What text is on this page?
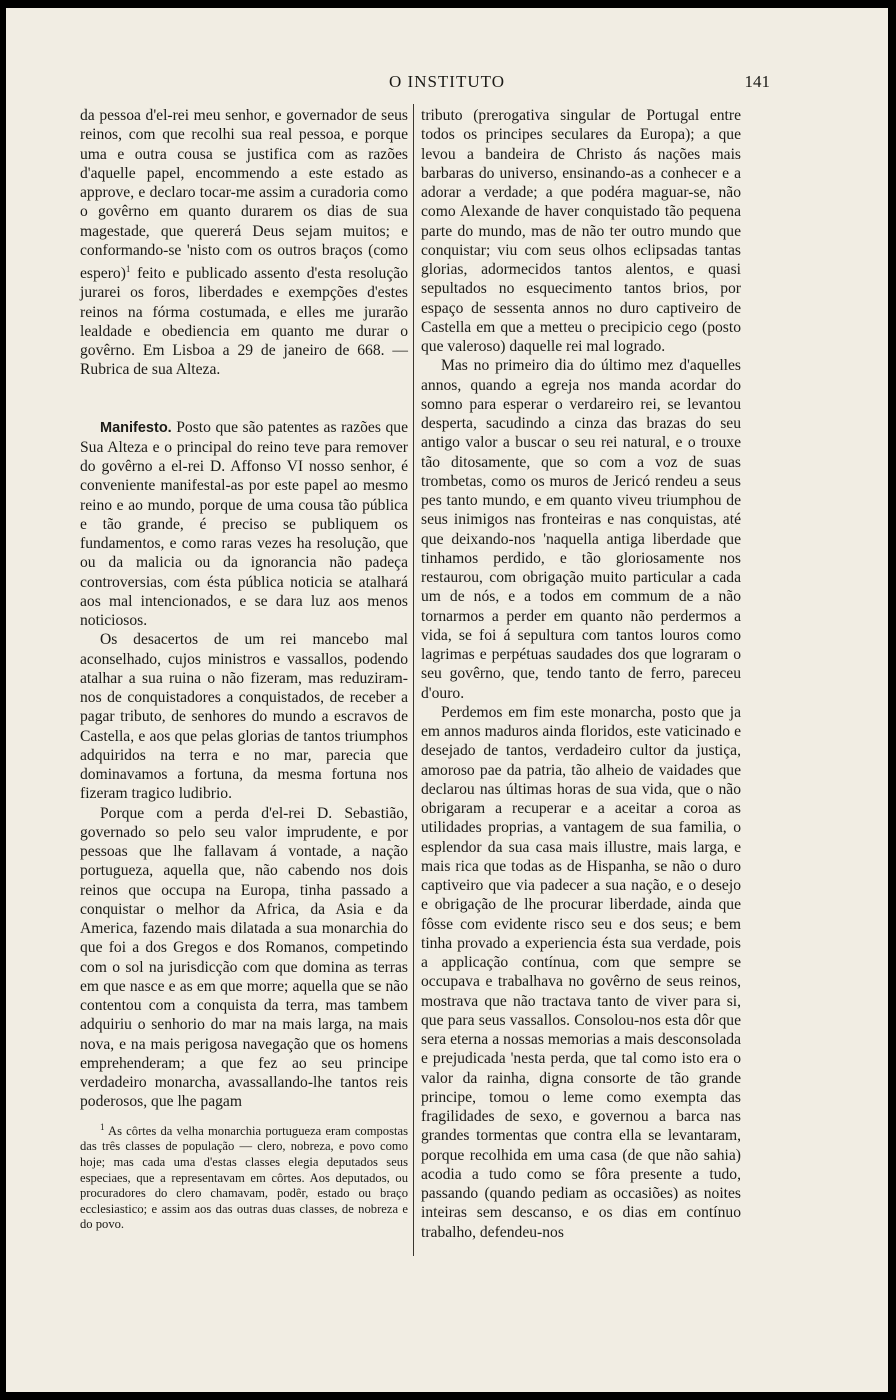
O INSTITUTO	141

da pessoa d'el-rei meu senhor, e governador de seus reinos, com que recolhi sua real pessoa, e porque uma e outra cousa se justifica com as razões d'aquelle papel, encommendo a este estado as approve, e declaro tocar-me assim a curadoria como o govêrno em quanto durarem os dias de sua magestade, que quererá Deus sejam muitos; e conformando-se 'nisto com os outros braços (como espero)$^1$ feito e publicado assento d'esta resolução jurarei os foros, liberdades e exempções d'estes reinos na fórma costumada, e elles me jurarão lealdade e obediencia em quanto me durar o govêrno. Em Lisboa a 29 de janeiro de 668. — Rubrica de sua Alteza.

Manifesto. Posto que são patentes as razões que Sua Alteza e o principal do reino teve para remover do govêrno a el-rei D. Affonso VI nosso senhor, é conveniente manifestal-as por este papel ao mesmo reino e ao mundo, porque de uma cousa tão pública e tão grande, é preciso se publiquem os fundamentos, e como raras vezes ha resolução, que ou da malicia ou da ignorancia não padeça controversias, com ésta pública noticia se atalhará aos mal intencionados, e se dara luz aos menos noticiosos.

Os desacertos de um rei mancebo mal aconselhado, cujos ministros e vassallos, podendo atalhar a sua ruina o não fizeram, mas reduziram-nos de conquistadores a conquistados, de receber a pagar tributo, de senhores do mundo a escravos de Castella, e aos que pelas glorias de tantos triumphos adquiridos na terra e no mar, parecia que dominavamos a fortuna, da mesma fortuna nos fizeram tragico ludibrio.

Porque com a perda d'el-rei D. Sebastião, governado so pelo seu valor imprudente, e por pessoas que lhe fallavam á vontade, a nação portugueza, aquella que, não cabendo nos dois reinos que occupa na Europa, tinha passado a conquistar o melhor da Africa, da Asia e da America, fazendo mais dilatada a sua monarchia do que foi a dos Gregos e dos Romanos, competindo com o sol na jurisdicção com que domina as terras em que nasce e as em que morre; aquella que se não contentou com a conquista da terra, mas tambem adquiriu o senhorio do mar na mais larga, na mais nova, e na mais perigosa navegação que os homens emprehenderam; a que fez ao seu principe verdadeiro monarcha, avassallando-lhe tantos reis poderosos, que lhe pagam

$^1$ As côrtes da velha monarchia portugueza eram compostas das três classes de população — clero, nobreza, e povo como hoje; mas cada uma d'estas classes elegia deputados seus especiaes, que a representavam em côrtes. Aos deputados, ou procuradores do clero chamavam, podêr, estado ou braço ecclesiastico; e assim aos das outras duas classes, de nobreza e do povo.

tributo (prerogativa singular de Portugal entre todos os principes seculares da Europa); a que levou a bandeira de Christo ás nações mais barbaras do universo, ensinando-as a conhecer e a adorar a verdade; a que podéra maguar-se, não como Alexande de haver conquistado tão pequena parte do mundo, mas de não ter outro mundo que conquistar; viu com seus olhos eclipsadas tantas glorias, adormecidos tantos alentos, e quasi sepultados no esquecimento tantos brios, por espaço de sessenta annos no duro captiveiro de Castella em que a metteu o precipicio cego (posto que valeroso) daquelle rei mal logrado.

Mas no primeiro dia do último mez d'aquelles annos, quando a egreja nos manda acordar do somno para esperar o verdareiro rei, se levantou desperta, sacudindo a cinza das brazas do seu antigo valor a buscar o seu rei natural, e o trouxe tão ditosamente, que so com a voz de suas trombetas, como os muros de Jericó rendeu a seus pes tanto mundo, e em quanto viveu triumphou de seus inimigos nas fronteiras e nas conquistas, até que deixando-nos 'naquella antiga liberdade que tinhamos perdido, e tão gloriosamente nos restaurou, com obrigação muito particular a cada um de nós, e a todos em commum de a não tornarmos a perder em quanto não perdermos a vida, se foi á sepultura com tantos louros como lagrimas e perpétuas saudades dos que lograram o seu govêrno, que, tendo tanto de ferro, pareceu d'ouro.

Perdemos em fim este monarcha, posto que ja em annos maduros ainda floridos, este vaticinado e desejado de tantos, verdadeiro cultor da justiça, amoroso pae da patria, tão alheio de vaidades que declarou nas últimas horas de sua vida, que o não obrigaram a recuperar e a aceitar a coroa as utilidades proprias, a vantagem de sua familia, o esplendor da sua casa mais illustre, mais larga, e mais rica que todas as de Hispanha, se não o duro captiveiro que via padecer a sua nação, e o desejo e obrigação de lhe procurar liberdade, ainda que fôsse com evidente risco seu e dos seus; e bem tinha provado a experiencia ésta sua verdade, pois a applicação contínua, com que sempre se occupava e trabalhava no govêrno de seus reinos, mostrava que não tractava tanto de viver para si, que para seus vassallos. Consolou-nos esta dôr que sera eterna a nossas memorias a mais desconsolada e prejudicada 'nesta perda, que tal como isto era o valor da rainha, digna consorte de tão grande principe, tomou o leme como exempta das fragilidades de sexo, e governou a barca nas grandes tormentas que contra ella se levantaram, porque recolhida em uma casa (de que não sahia) acodia a tudo como se fôra presente a tudo, passando (quando pediam as occasiões) as noites inteiras sem descanso, e os dias em contínuo trabalho, defendeu-nos
